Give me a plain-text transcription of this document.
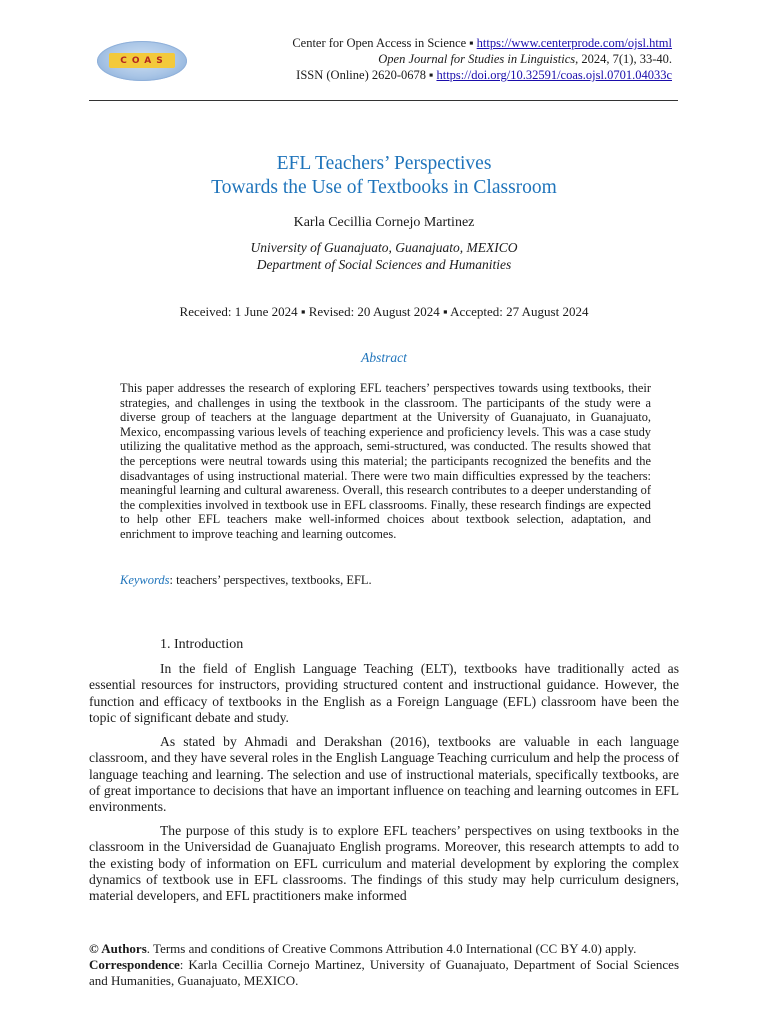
COAS
Center for Open Access in Science ▪ https://www.centerprode.com/ojsl.html
Open Journal for Studies in Linguistics, 2024, 7(1), 33-40.
ISSN (Online) 2620-0678 ▪ https://doi.org/10.32591/coas.ojsl.0701.04033c
EFL Teachers’ Perspectives
Towards the Use of Textbooks in Classroom
Karla Cecillia Cornejo Martinez
University of Guanajuato, Guanajuato, MEXICO
Department of Social Sciences and Humanities
Received: 1 June 2024 ▪ Revised: 20 August 2024 ▪ Accepted: 27 August 2024
Abstract

This paper addresses the research of exploring EFL teachers’ perspectives towards using textbooks, their strategies, and challenges in using the textbook in the classroom. The participants of the study were a diverse group of teachers at the language department at the University of Guanajuato, in Guanajuato, Mexico, encompassing various levels of teaching experience and proficiency levels. This was a case study utilizing the qualitative method as the approach, semi-structured, was conducted. The results showed that the perceptions were neutral towards using this material; the participants recognized the benefits and the disadvantages of using instructional material. There were two main difficulties expressed by the teachers: meaningful learning and cultural awareness. Overall, this research contributes to a deeper understanding of the complexities involved in textbook use in EFL classrooms. Finally, these research findings are expected to help other EFL teachers make well-informed choices about textbook selection, adaptation, and enrichment to improve teaching and learning outcomes.

Keywords: teachers’ perspectives, textbooks, EFL.
1. Introduction

In the field of English Language Teaching (ELT), textbooks have traditionally acted as essential resources for instructors, providing structured content and instructional guidance. However, the function and efficacy of textbooks in the English as a Foreign Language (EFL) classroom have been the topic of significant debate and study.

As stated by Ahmadi and Derakshan (2016), textbooks are valuable in each language classroom, and they have several roles in the English Language Teaching curriculum and help the process of language teaching and learning. The selection and use of instructional materials, specifically textbooks, are of great importance to decisions that have an important influence on teaching and learning outcomes in EFL environments.

The purpose of this study is to explore EFL teachers’ perspectives on using textbooks in the classroom in the Universidad de Guanajuato English programs. Moreover, this research attempts to add to the existing body of information on EFL curriculum and material development by exploring the complex dynamics of textbook use in EFL classrooms. The findings of this study may help curriculum designers, material developers, and EFL practitioners make informed

© Authors. Terms and conditions of Creative Commons Attribution 4.0 International (CC BY 4.0) apply.
Correspondence: Karla Cecillia Cornejo Martinez, University of Guanajuato, Department of Social Sciences and Humanities, Guanajuato, MEXICO.
